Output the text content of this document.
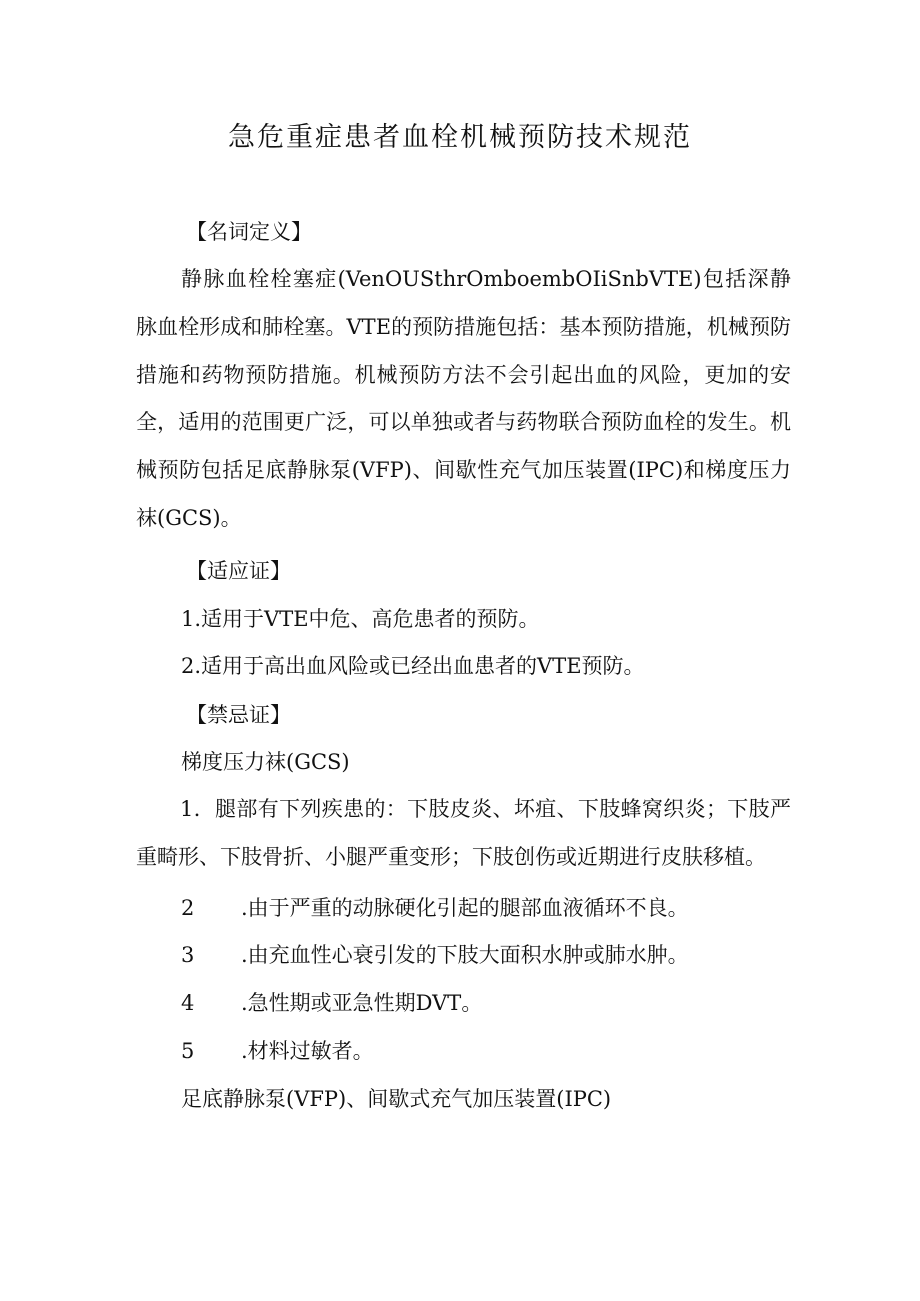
急危重症患者血栓机械预防技术规范
【名词定义】

静脉血栓栓塞症(VenOUSthrOmboembOIiSnbVTE)包括深静脉血栓形成和肺栓塞。VTE的预防措施包括：基本预防措施，机械预防措施和药物预防措施。机械预防方法不会引起出血的风险，更加的安全，适用的范围更广泛，可以单独或者与药物联合预防血栓的发生。机械预防包括足底静脉泵(VFP)、间歇性充气加压装置(IPC)和梯度压力袜(GCS)。

【适应证】
1.适用于VTE中危、高危患者的预防。
2.适用于高出血风险或已经出血患者的VTE预防。
【禁忌证】
梯度压力袜(GCS)

1．腿部有下列疾患的：下肢皮炎、坏疽、下肢蜂窝织炎；下肢严重畸形、下肢骨折、小腿严重变形；下肢创伤或近期进行皮肤移植。

2	.由于严重的动脉硬化引起的腿部血液循环不良。
3	.由充血性心衰引发的下肢大面积水肿或肺水肿。
4	.急性期或亚急性期DVT。
5	.材料过敏者。
足底静脉泵(VFP)、间歇式充气加压装置(IPC)
